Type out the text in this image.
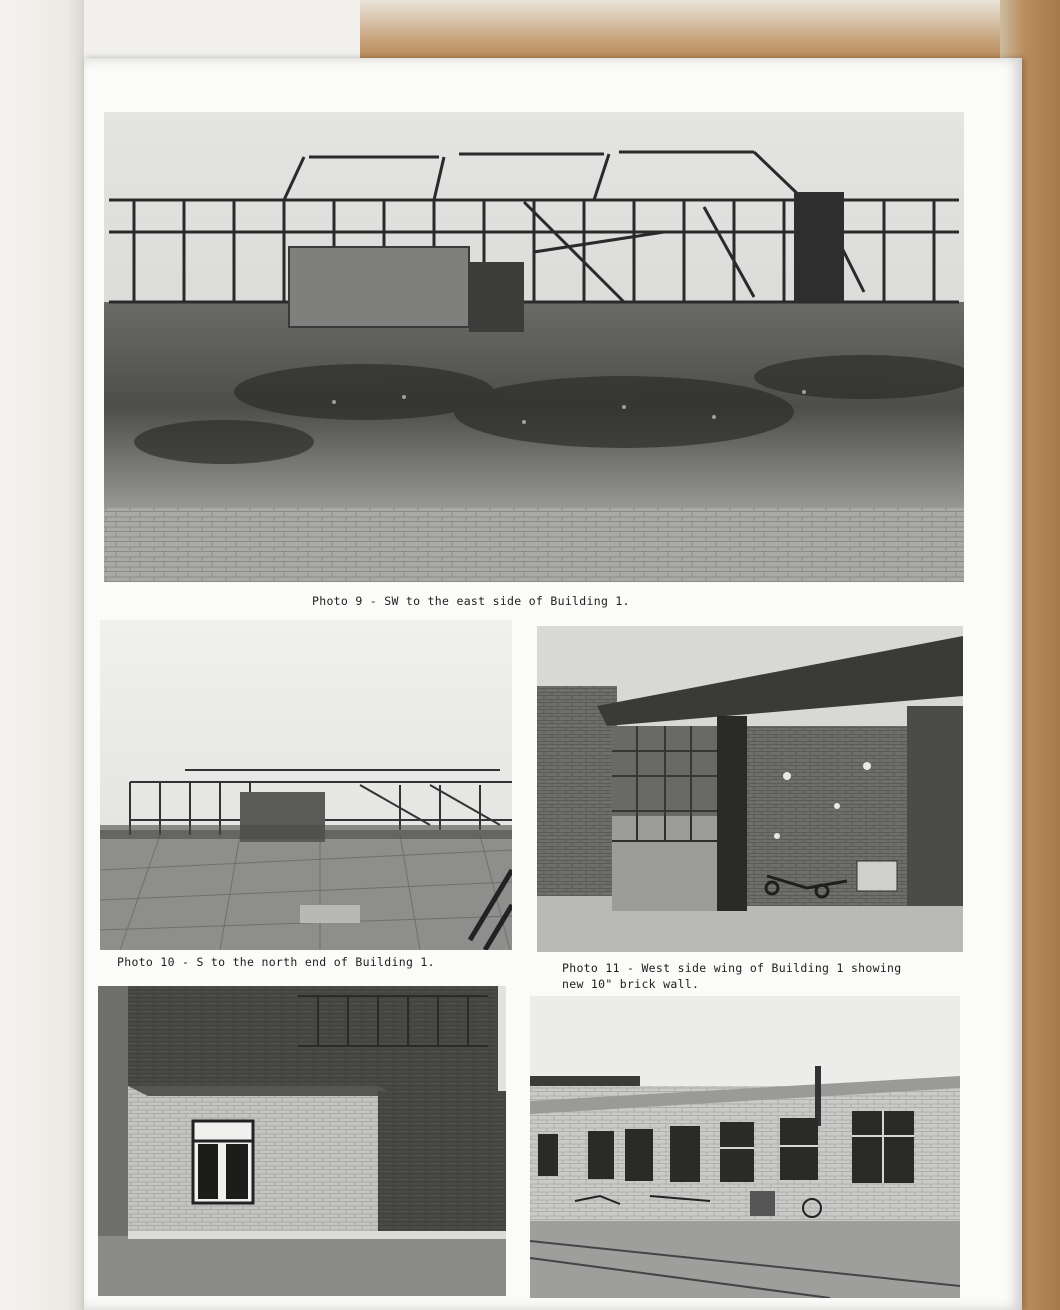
Photo 9 - SW to the east side of Building 1.
Photo 10 - S to the north end of Building 1.	Photo 11 - West side wing of Building 1 showing
new 10" brick wall.
